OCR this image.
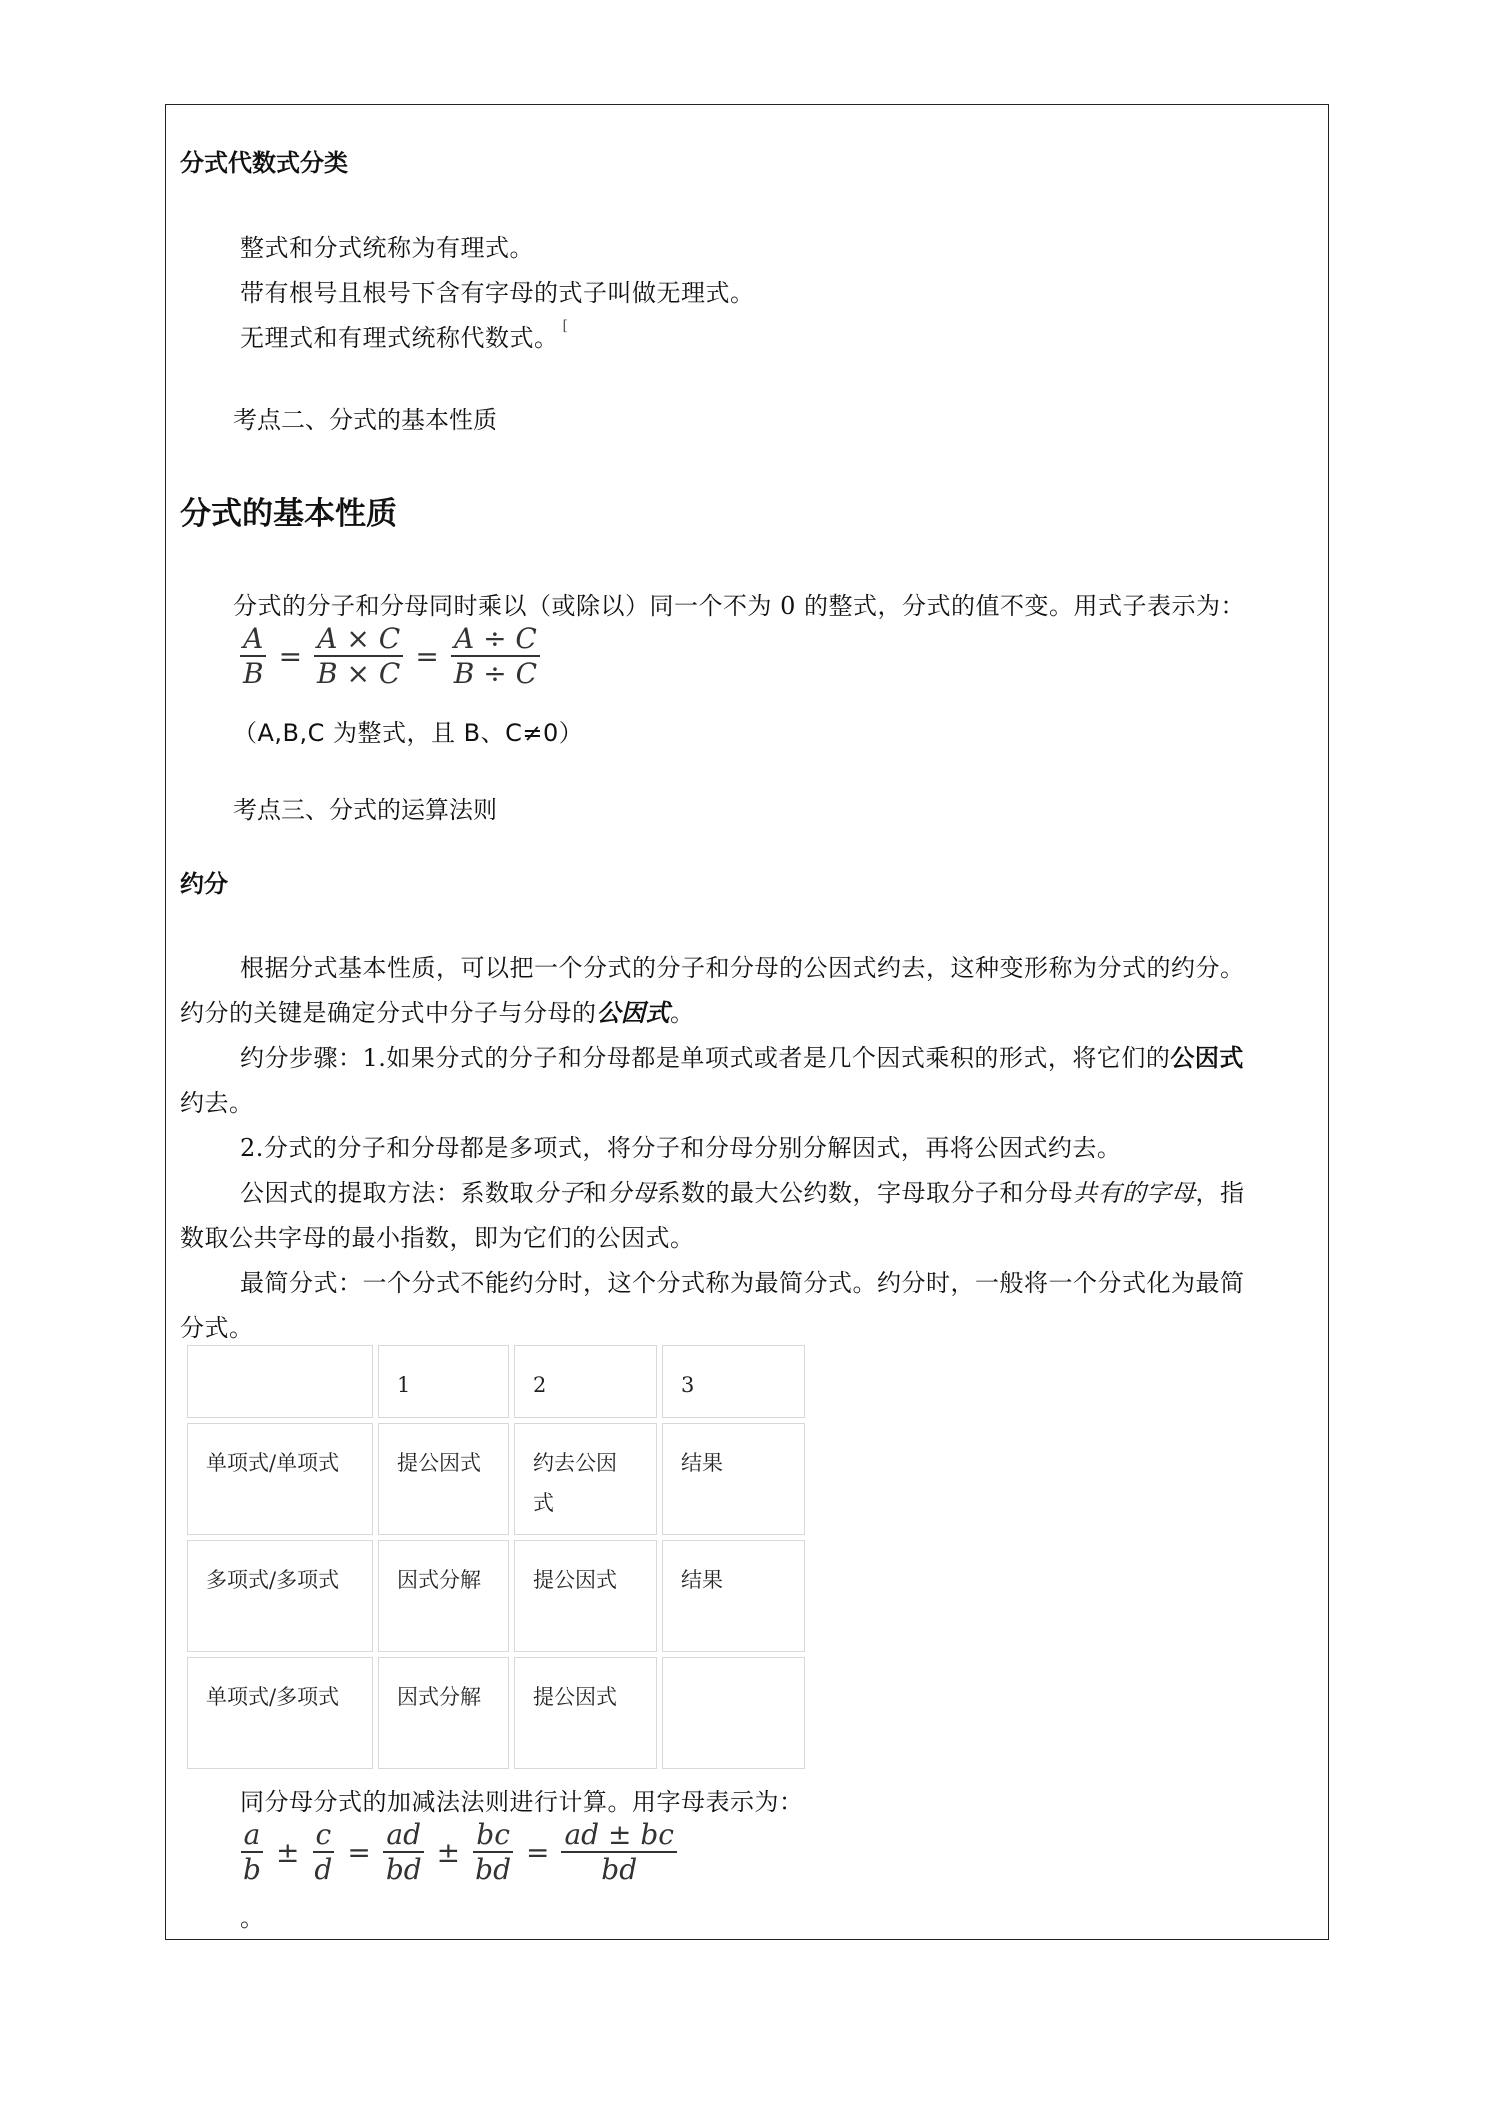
分式代数式分类
整式和分式统称为有理式。
带有根号且根号下含有字母的式子叫做无理式。
无理式和有理式统称代数式。 [
考点二、分式的基本性质
分式的基本性质
分式的分子和分母同时乘以（或除以）同一个不为 0 的整式，分式的值不变。用式子表示为：
$\frac{A}{B} = \frac{A \times C}{B \times C} = \frac{A \div C}{B \div C}$
（A,B,C 为整式，且 B、C≠0）
考点三、分式的运算法则
约分
根据分式基本性质，可以把一个分式的分子和分母的公因式约去，这种变形称为分式的约分。
约分的关键是确定分式中分子与分母的公因式。
约分步骤：1.如果分式的分子和分母都是单项式或者是几个因式乘积的形式，将它们的公因式
约去。
2.分式的分子和分母都是多项式，将分子和分母分别分解因式，再将公因式约去。
公因式的提取方法：系数取分子和分母系数的最大公约数，字母取分子和分母共有的字母，指
数取公共字母的最小指数，即为它们的公因式。
最简分式：一个分式不能约分时，这个分式称为最简分式。约分时，一般将一个分式化为最简
分式。
	1	2	3
单项式/单项式	提公因式	约去公因
式	结果
多项式/多项式	因式分解	提公因式	结果
单项式/多项式	因式分解	提公因式	
同分母分式的加减法法则进行计算。用字母表示为：
$\frac{a}{b} \pm \frac{c}{d} = \frac{ad}{bd} \pm \frac{bc}{bd} = \frac{ad \pm bc}{bd}$
。
